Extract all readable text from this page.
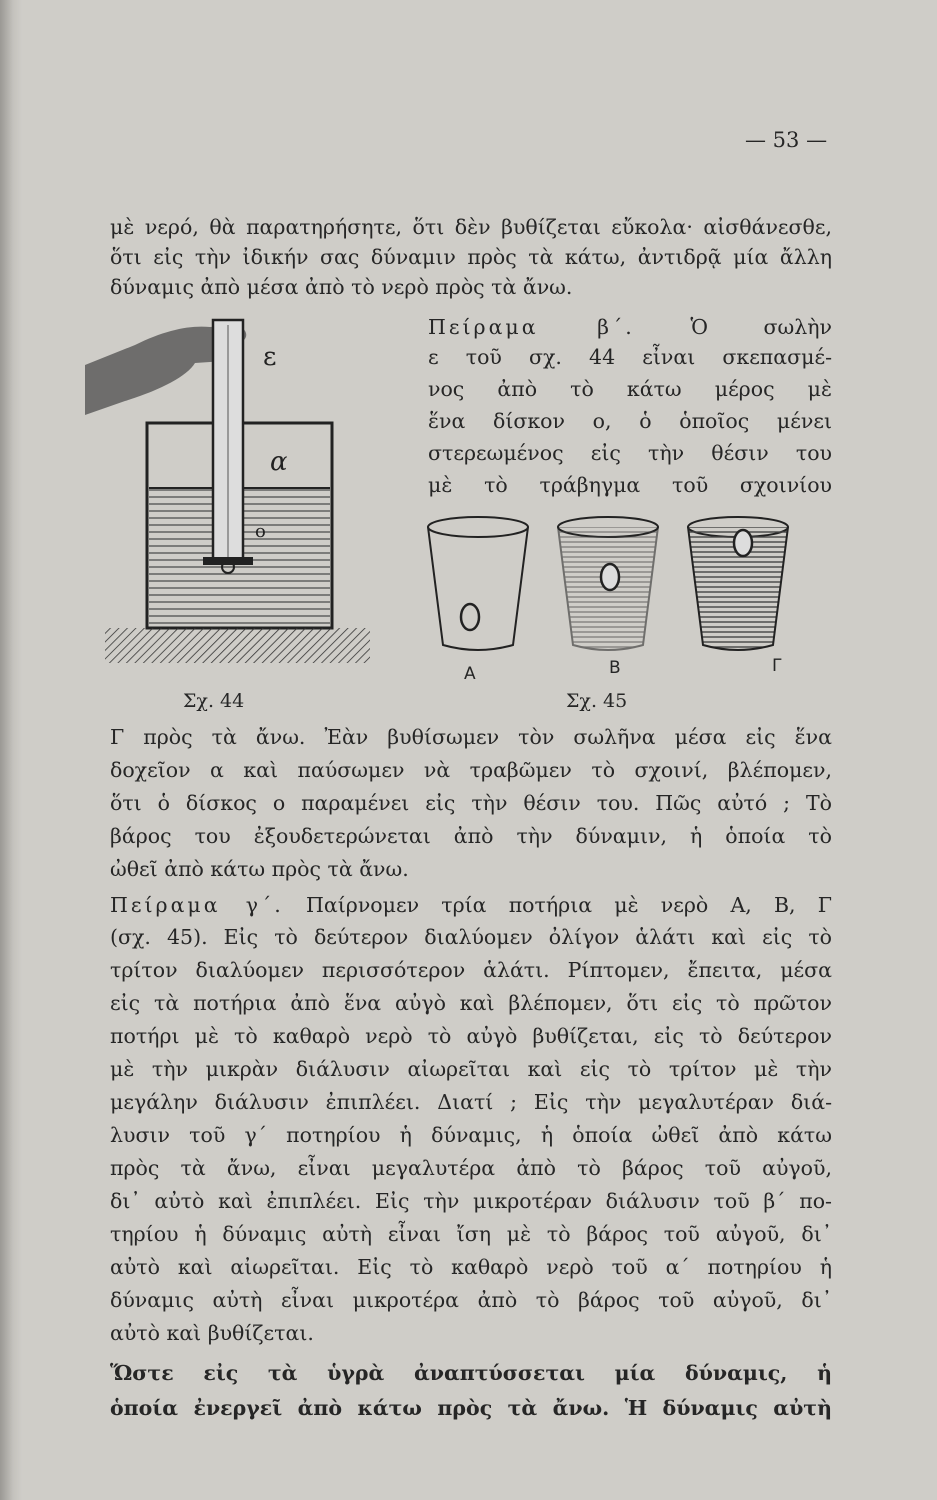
— 53 —
μὲ νερό, θὰ παρατηρήσητε, ὅτι δὲν βυθίζεται εὔκολα· αἰσθάνεσθε,
ὅτι εἰς τὴν ἰδικήν σας δύναμιν πρὸς τὰ κάτω, ἀντιδρᾷ μία ἄλλη
δύναμις ἀπὸ μέσα ἀπὸ τὸ νερὸ πρὸς τὰ ἄνω.
Πείραμα β΄.	Ὁ σωλὴν
ε τοῦ σχ. 44 εἶναι σκεπασμέ-
νος ἀπὸ τὸ κάτω μέρος μὲ
ἕνα δίσκον ο, ὁ ὁποῖος μένει
στερεωμένος εἰς τὴν θέσιν του
μὲ τὸ τράβηγμα τοῦ σχοινίου
ε
α
ο
Σχ. 44
Α	Β	Γ
Σχ. 45
Γ πρὸς τὰ ἄνω. Ἐὰν βυθίσωμεν τὸν σωλῆνα μέσα εἰς ἕνα
δοχεῖον α καὶ παύσωμεν νὰ τραβῶμεν τὸ σχοινί, βλέπομεν,
ὅτι ὁ δίσκος ο παραμένει εἰς τὴν θέσιν του. Πῶς αὐτό ; Τὸ
βάρος του ἐξουδετερώνεται ἀπὸ τὴν δύναμιν, ἡ ὁποία τὸ
ὠθεῖ ἀπὸ κάτω πρὸς τὰ ἄνω.
Πείραμα γ΄. Παίρνομεν τρία ποτήρια μὲ νερὸ Α, Β, Γ
(σχ. 45). Εἰς τὸ δεύτερον διαλύομεν ὀλίγον ἁλάτι καὶ εἰς τὸ
τρίτον διαλύομεν περισσότερον ἁλάτι. Ρίπτομεν, ἔπειτα, μέσα
εἰς τὰ ποτήρια ἀπὸ ἕνα αὐγὸ καὶ βλέπομεν, ὅτι εἰς τὸ πρῶτον
ποτήρι μὲ τὸ καθαρὸ νερὸ τὸ αὐγὸ βυθίζεται, εἰς τὸ δεύτερον
μὲ τὴν μικρὰν διάλυσιν αἰωρεῖται καὶ εἰς τὸ τρίτον μὲ τὴν
μεγάλην διάλυσιν ἐπιπλέει. Διατί ; Εἰς τὴν μεγαλυτέραν διά-
λυσιν τοῦ γ΄ ποτηρίου ἡ δύναμις, ἡ ὁποία ὠθεῖ ἀπὸ κάτω
πρὸς τὰ ἄνω, εἶναι μεγαλυτέρα ἀπὸ τὸ βάρος τοῦ αὐγοῦ,
δι᾿ αὐτὸ καὶ ἐπιπλέει. Εἰς τὴν μικροτέραν διάλυσιν τοῦ β΄ πο-
τηρίου ἡ δύναμις αὐτὴ εἶναι ἴση μὲ τὸ βάρος τοῦ αὐγοῦ, δι᾿
αὐτὸ καὶ αἰωρεῖται. Εἰς τὸ καθαρὸ νερὸ τοῦ α΄ ποτηρίου ἡ
δύναμις αὐτὴ εἶναι μικροτέρα ἀπὸ τὸ βάρος τοῦ αὐγοῦ, δι᾿
αὐτὸ καὶ βυθίζεται.
Ὥστε εἰς τὰ ὑγρὰ ἀναπτύσσεται μία δύναμις, ἡ
ὁποία ἐνεργεῖ ἀπὸ κάτω πρὸς τὰ ἄνω. Ἡ δύναμις αὐτὴ
